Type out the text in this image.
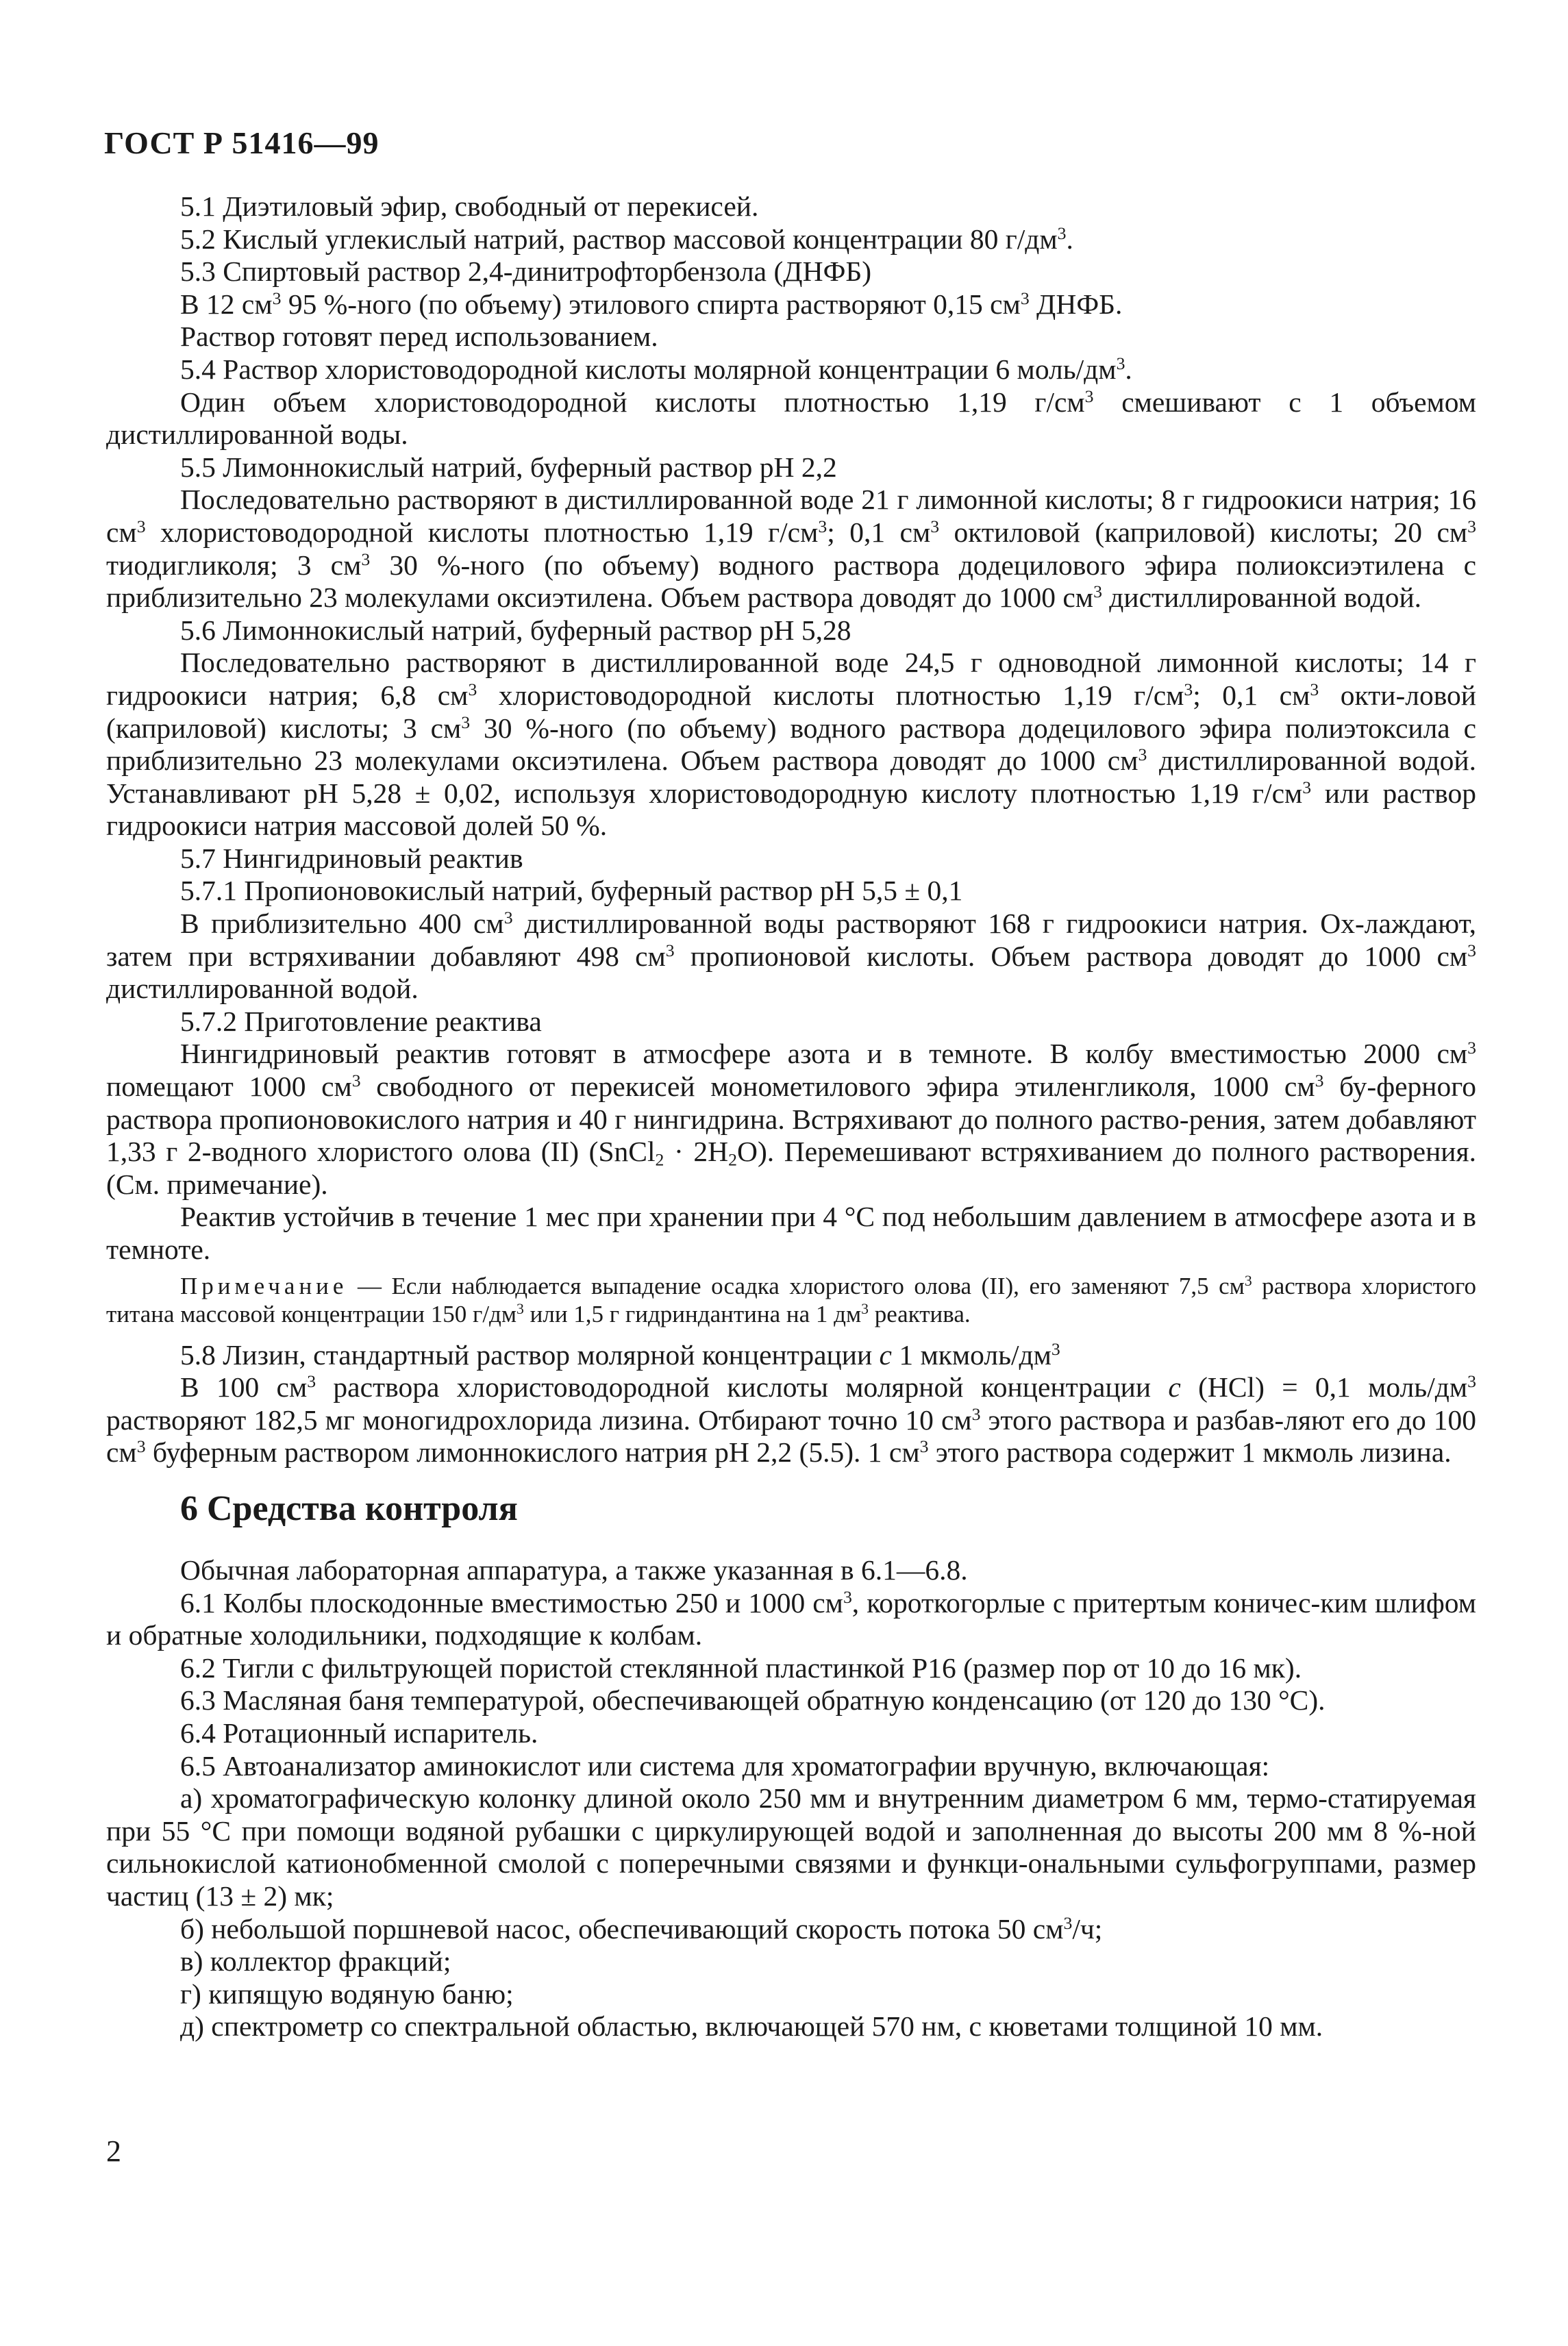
ГОСТ Р 51416—99

5.1 Диэтиловый эфир, свободный от перекисей.

5.2 Кислый углекислый натрий, раствор массовой концентрации 80 $г/дм^3$.

5.3 Спиртовый раствор 2,4-динитрофторбензола (ДНФБ)

В 12 $см^3$ 95 %-ного (по объему) этилового спирта растворяют 0,15 $см^3$ ДНФБ.

Раствор готовят перед использованием.

5.4 Раствор хлористоводородной кислоты молярной концентрации 6 моль/$дм^3$.

Один объем хлористоводородной кислоты плотностью 1,19 $г/см^3$ смешивают с 1 объемом дистиллированной воды.

5.5 Лимоннокислый натрий, буферный раствор рН 2,2

Последовательно растворяют в дистиллированной воде 21 г лимонной кислоты; 8 г гидроокиси натрия; 16 $см^3$ хлористоводородной кислоты плотностью 1,19 $г/см^3$; 0,1 $см^3$ октиловой (каприловой) кислоты; 20 $см^3$ тиодигликоля; 3 $см^3$ 30 %-ного (по объему) водного раствора додецилового эфира полиоксиэтилена с приблизительно 23 молекулами оксиэтилена. Объем раствора доводят до 1000 $см^3$ дистиллированной водой.

5.6 Лимоннокислый натрий, буферный раствор рН 5,28

Последовательно растворяют в дистиллированной воде 24,5 г одноводной лимонной кислоты; 14 г гидроокиси натрия; 6,8 $см^3$ хлористоводородной кислоты плотностью 1,19 $г/см^3$; 0,1 $см^3$ окти-ловой (каприловой) кислоты; 3 $см^3$ 30 %-ного (по объему) водного раствора додецилового эфира полиэтоксила с приблизительно 23 молекулами оксиэтилена. Объем раствора доводят до 1000 $см^3$ дистиллированной водой. Устанавливают рН 5,28 ± 0,02, используя хлористоводородную кислоту плотностью 1,19 $г/см^3$ или раствор гидроокиси натрия массовой долей 50 %.

5.7 Нингидриновый реактив

5.7.1 Пропионовокислый натрий, буферный раствор рН 5,5 ± 0,1

В приблизительно 400 $см^3$ дистиллированной воды растворяют 168 г гидроокиси натрия. Ох-лаждают, затем при встряхивании добавляют 498 $см^3$ пропионовой кислоты. Объем раствора доводят до 1000 $см^3$ дистиллированной водой.

5.7.2 Приготовление реактива

Нингидриновый реактив готовят в атмосфере азота и в темноте. В колбу вместимостью 2000 $см^3$ помещают 1000 $см^3$ свободного от перекисей монометилового эфира этиленгликоля, 1000 $см^3$ бу-ферного раствора пропионовокислого натрия и 40 г нингидрина. Встряхивают до полного раство-рения, затем добавляют 1,33 г 2-водного хлористого олова (II) (SnCl$_2$ · $2H_2O$). Перемешивают встряхиванием до полного растворения. (См. примечание).

Реактив устойчив в течение 1 мес при хранении при 4 °С под небольшим давлением в атмосфере азота и в темноте.

Примечание — Если наблюдается выпадение осадка хлористого олова (II), его заменяют 7,5 $см^3$ раствора хлористого титана массовой концентрации 150 $г/дм^3$ или 1,5 г гидриндантина на 1 $дм^3$ реактива.

5.8 Лизин, стандартный раствор молярной концентрации c 1 мкмоль/$дм^3$

В 100 $см^3$ раствора хлористоводородной кислоты молярной концентрации c (HCl) = 0,1 моль/$дм^3$ растворяют 182,5 мг моногидрохлорида лизина. Отбирают точно 10 $см^3$ этого раствора и разбав-ляют его до 100 $см^3$ буферным раствором лимоннокислого натрия рН 2,2 (5.5). 1 $см^3$ этого раствора содержит 1 мкмоль лизина.

6 Средства контроля

Обычная лабораторная аппаратура, а также указанная в 6.1—6.8.

6.1 Колбы плоскодонные вместимостью 250 и 1000 $см^3$, короткогорлые с притертым коничес-ким шлифом и обратные холодильники, подходящие к колбам.

6.2 Тигли с фильтрующей пористой стеклянной пластинкой Р16 (размер пор от 10 до 16 мк).

6.3 Масляная баня температурой, обеспечивающей обратную конденсацию (от 120 до 130 °С).

6.4 Ротационный испаритель.

6.5 Автоанализатор аминокислот или система для хроматографии вручную, включающая:

а) хроматографическую колонку длиной около 250 мм и внутренним диаметром 6 мм, термо-статируемая при 55 °С при помощи водяной рубашки с циркулирующей водой и заполненная до высоты 200 мм 8 %-ной сильнокислой катионобменной смолой с поперечными связями и функци-ональными сульфогруппами, размер частиц (13 ± 2) мк;

б) небольшой поршневой насос, обеспечивающий скорость потока 50 $см^3/ч$;

в) коллектор фракций;

г) кипящую водяную баню;

д) спектрометр со спектральной областью, включающей 570 нм, с кюветами толщиной 10 мм.

2
